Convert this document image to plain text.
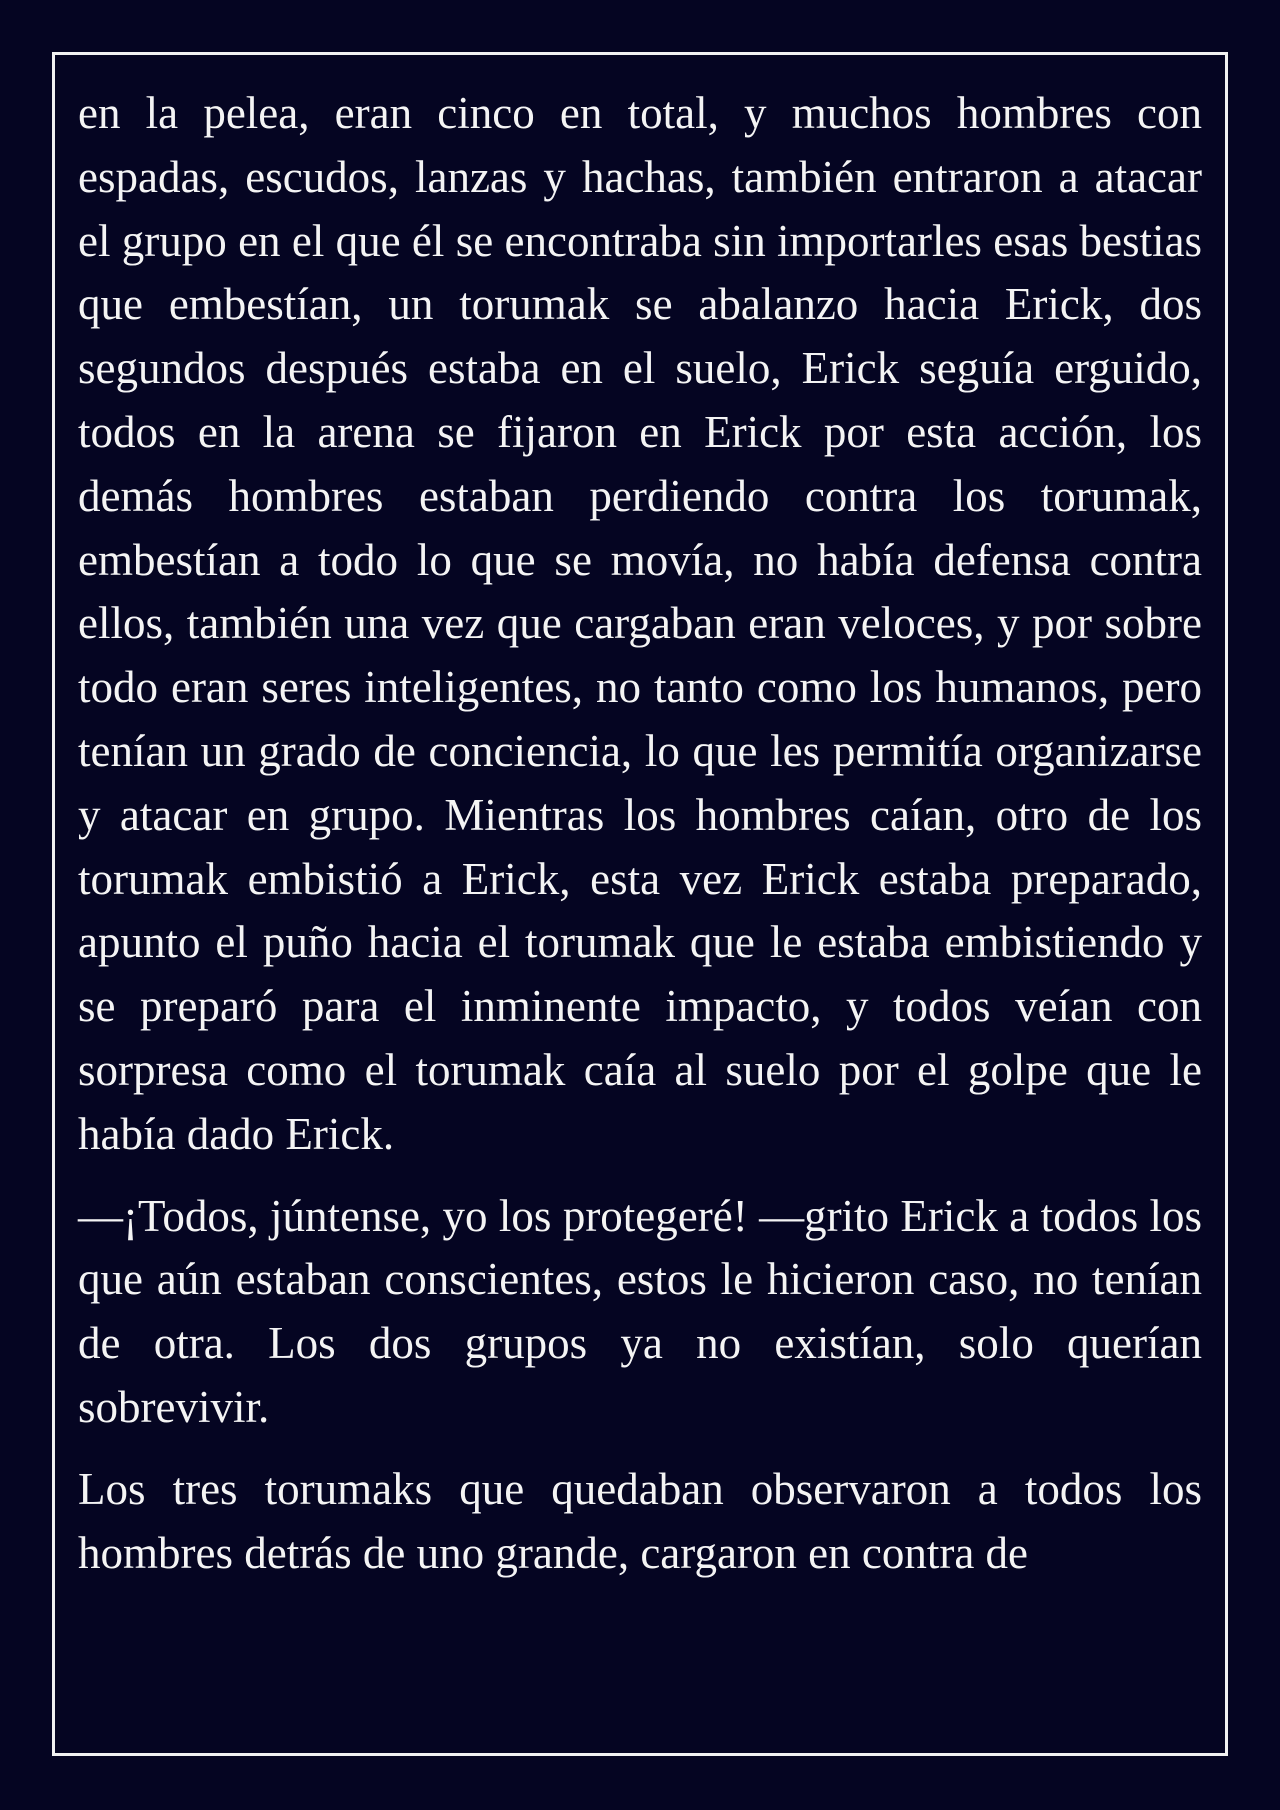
en la pelea, eran cinco en total, y muchos hombres con espadas, escudos, lanzas y hachas, también entraron a atacar el grupo en el que él se encontraba sin importarles esas bestias que embestían, un torumak se abalanzo hacia Erick, dos segundos después estaba en el suelo, Erick seguía erguido, todos en la arena se fijaron en Erick por esta acción, los demás hombres estaban perdiendo contra los torumak, embestían a todo lo que se movía, no había defensa contra ellos, también una vez que cargaban eran veloces, y por sobre todo eran seres inteligentes, no tanto como los humanos, pero tenían un grado de conciencia, lo que les permitía organizarse y atacar en grupo. Mientras los hombres caían, otro de los torumak embistió a Erick, esta vez Erick estaba preparado, apunto el puño hacia el torumak que le estaba embistiendo y se preparó para el inminente impacto, y todos veían con sorpresa como el torumak caía al suelo por el golpe que le había dado Erick.

—¡Todos, júntense, yo los protegeré! —grito Erick a todos los que aún estaban conscientes, estos le hicieron caso, no tenían de otra. Los dos grupos ya no existían, solo querían sobrevivir.

Los tres torumaks que quedaban observaron a todos los hombres detrás de uno grande, cargaron en contra de
